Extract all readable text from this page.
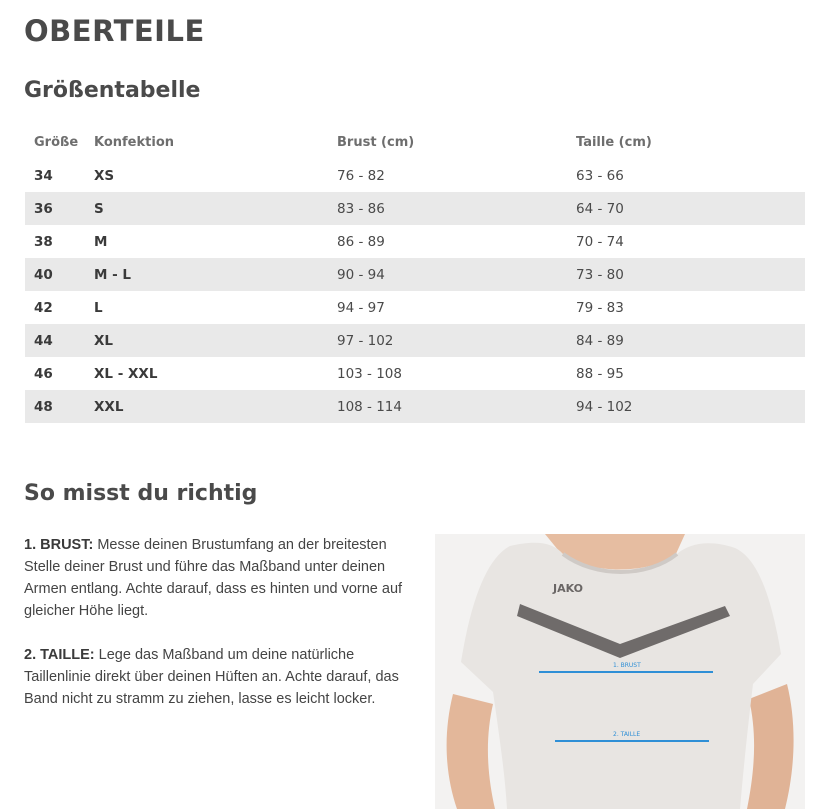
OBERTEILE
Größentabelle
Größe	Konfektion	Brust (cm)	Taille (cm)
34	XS	76 - 82	63 - 66
36	S	83 - 86	64 - 70
38	M	86 - 89	70 - 74
40	M - L	90 - 94	73 - 80
42	L	94 - 97	79 - 83
44	XL	97 - 102	84 - 89
46	XL - XXL	103 - 108	88 - 95
48	XXL	108 - 114	94 - 102
So misst du richtig

1. BRUST: Messe deinen Brustumfang an der breitesten Stelle deiner Brust und führe das Maßband unter deinen Armen entlang. Achte darauf, dass es hinten und vorne auf gleicher Höhe liegt.

2. TAILLE: Lege das Maßband um deine natürliche Taillenlinie direkt über deinen Hüften an. Achte darauf, das Band nicht zu stramm zu ziehen, lasse es leicht locker.

JAKO
1. BRUST
2. TAILLE
